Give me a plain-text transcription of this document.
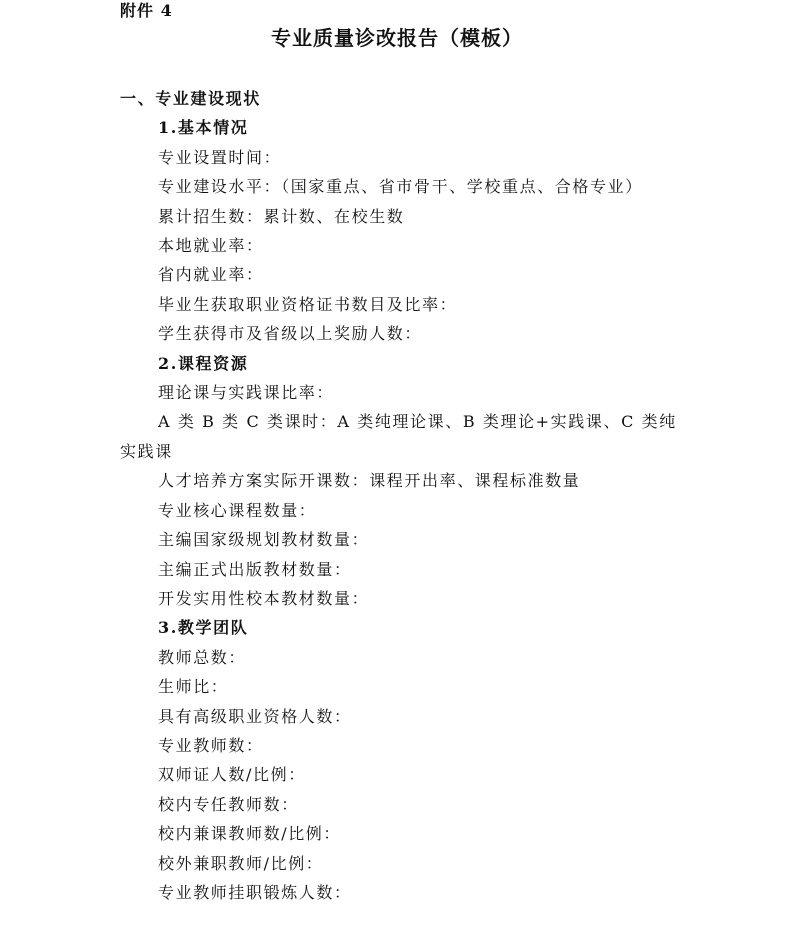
附件 4
专业质量诊改报告（模板）

一、专业建设现状

1.基本情况

专业设置时间：

专业建设水平：（国家重点、省市骨干、学校重点、合格专业）

累计招生数：累计数、在校生数

本地就业率：

省内就业率：

毕业生获取职业资格证书数目及比率：

学生获得市及省级以上奖励人数：

2.课程资源

理论课与实践课比率：

A 类 B 类 C 类课时：A 类纯理论课、B 类理论+实践课、C 类纯实践课

人才培养方案实际开课数：课程开出率、课程标准数量

专业核心课程数量：

主编国家级规划教材数量：

主编正式出版教材数量：

开发实用性校本教材数量：

3.教学团队

教师总数：

生师比：

具有高级职业资格人数：

专业教师数：

双师证人数/比例：

校内专任教师数：

校内兼课教师数/比例：

校外兼职教师/比例：

专业教师挂职锻炼人数：
